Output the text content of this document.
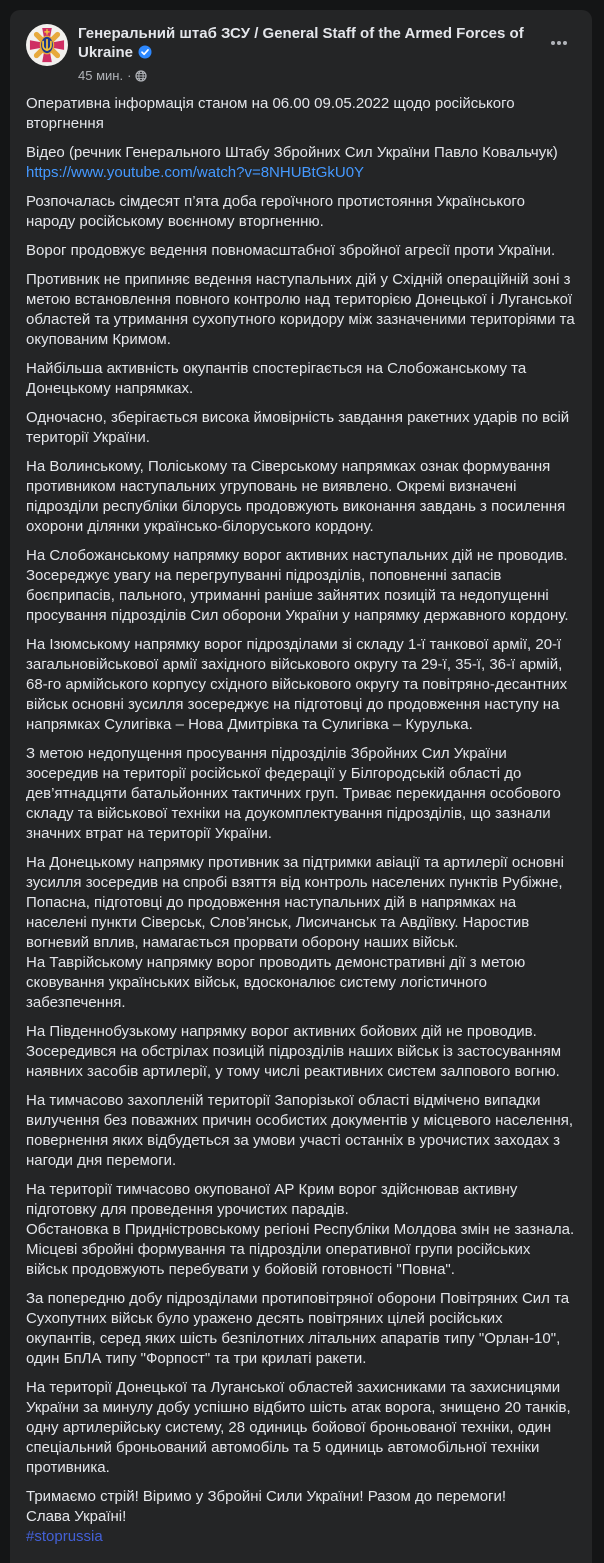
Генеральний штаб ЗСУ / General Staff of the Armed Forces of Ukraine
45 мин. ·

Оперативна інформація станом на 06.00 09.05.2022 щодо російського вторгнення

Відео (речник Генерального Штабу Збройних Сил України Павло Ковальчук)
https://www.youtube.com/watch?v=8NHUBtGkU0Y

Розпочалась сімдесят п’ята доба героїчного протистояння Українського народу російському воєнному вторгненню.

Ворог продовжує ведення повномасштабної збройної агресії проти України.

Противник не припиняє ведення наступальних дій у Східній операційній зоні з метою встановлення повного контролю над територією Донецької і Луганської областей та утримання сухопутного коридору між зазначеними територіями та окупованим Кримом.

Найбільша активність окупантів спостерігається на Слобожанському та Донецькому напрямках.

Одночасно, зберігається висока ймовірність завдання ракетних ударів по всій території України.

На Волинському, Поліському та Сіверському напрямках ознак формування противником наступальних угруповань не виявлено. Окремі визначені підрозділи республіки білорусь продовжують виконання завдань з посилення охорони ділянки українсько-білоруського кордону.

На Слобожанському напрямку ворог активних наступальних дій не проводив. Зосереджує увагу на перегрупуванні підрозділів, поповненні запасів боєприпасів, пального, утриманні раніше зайнятих позицій та недопущенні просування підрозділів Сил оборони України у напрямку державного кордону.

На Ізюмському напрямку ворог підрозділами зі складу 1-ї танкової армії, 20-ї загальновійськової армії західного військового округу та 29-ї, 35-ї, 36-ї армій, 68-го армійського корпусу східного військового округу та повітряно-десантних військ основні зусилля зосереджує на підготовці до продовження наступу на напрямках Сулигівка – Нова Дмитрівка та Сулигівка – Курулька.

З метою недопущення просування підрозділів Збройних Сил України зосередив на території російської федерації у Білгородській області до дев’ятнадцяти батальйонних тактичних груп. Триває перекидання особового складу та військової техніки на доукомплектування підрозділів, що зазнали значних втрат на території України.

На Донецькому напрямку противник за підтримки авіації та артилерії основні зусилля зосередив на спробі взяття від контроль населених пунктів Рубіжне, Попасна, підготовці до продовження наступальних дій в напрямках на населені пункти Сіверськ, Слов’янськ, Лисичанськ та Авдіївку. Наростив вогневий вплив, намагається прорвати оборону наших військ.
На Таврійському напрямку ворог проводить демонстративні дії з метою сковування українських військ, вдосконалює систему логістичного забезпечення.

На Південнобузькому напрямку ворог активних бойових дій не проводив. Зосередився на обстрілах позицій підрозділів наших військ із застосуванням наявних засобів артилерії, у тому числі реактивних систем залпового вогню.

На тимчасово захопленій території Запорізької області відмічено випадки вилучення без поважних причин особистих документів у місцевого населення, повернення яких відбудеться за умови участі останніх в урочистих заходах з нагоди дня перемоги.

На території тимчасово окупованої АР Крим ворог здійснював активну підготовку для проведення урочистих парадів.
Обстановка в Придністровському регіоні Республіки Молдова змін не зазнала. Місцеві збройні формування та підрозділи оперативної групи російських військ продовжують перебувати у бойовій готовності "Повна".

За попередню добу підрозділами протиповітряної оборони Повітряних Сил та Сухопутних військ було уражено десять повітряних цілей російських окупантів, серед яких шість безпілотних літальних апаратів типу "Орлан-10", один БпЛА типу "Форпост" та три крилаті ракети.

На території Донецької та Луганської областей захисниками та захисницями України за минулу добу успішно відбито шість атак ворога, знищено 20 танків, одну артилерійську систему, 28 одиниць бойової броньованої техніки, один спеціальний броньований автомобіль та 5 одиниць автомобільної техніки противника.

Тримаємо стрій! Віримо у Збройні Сили України! Разом до перемоги!
Слава Україні!
#stoprussia
